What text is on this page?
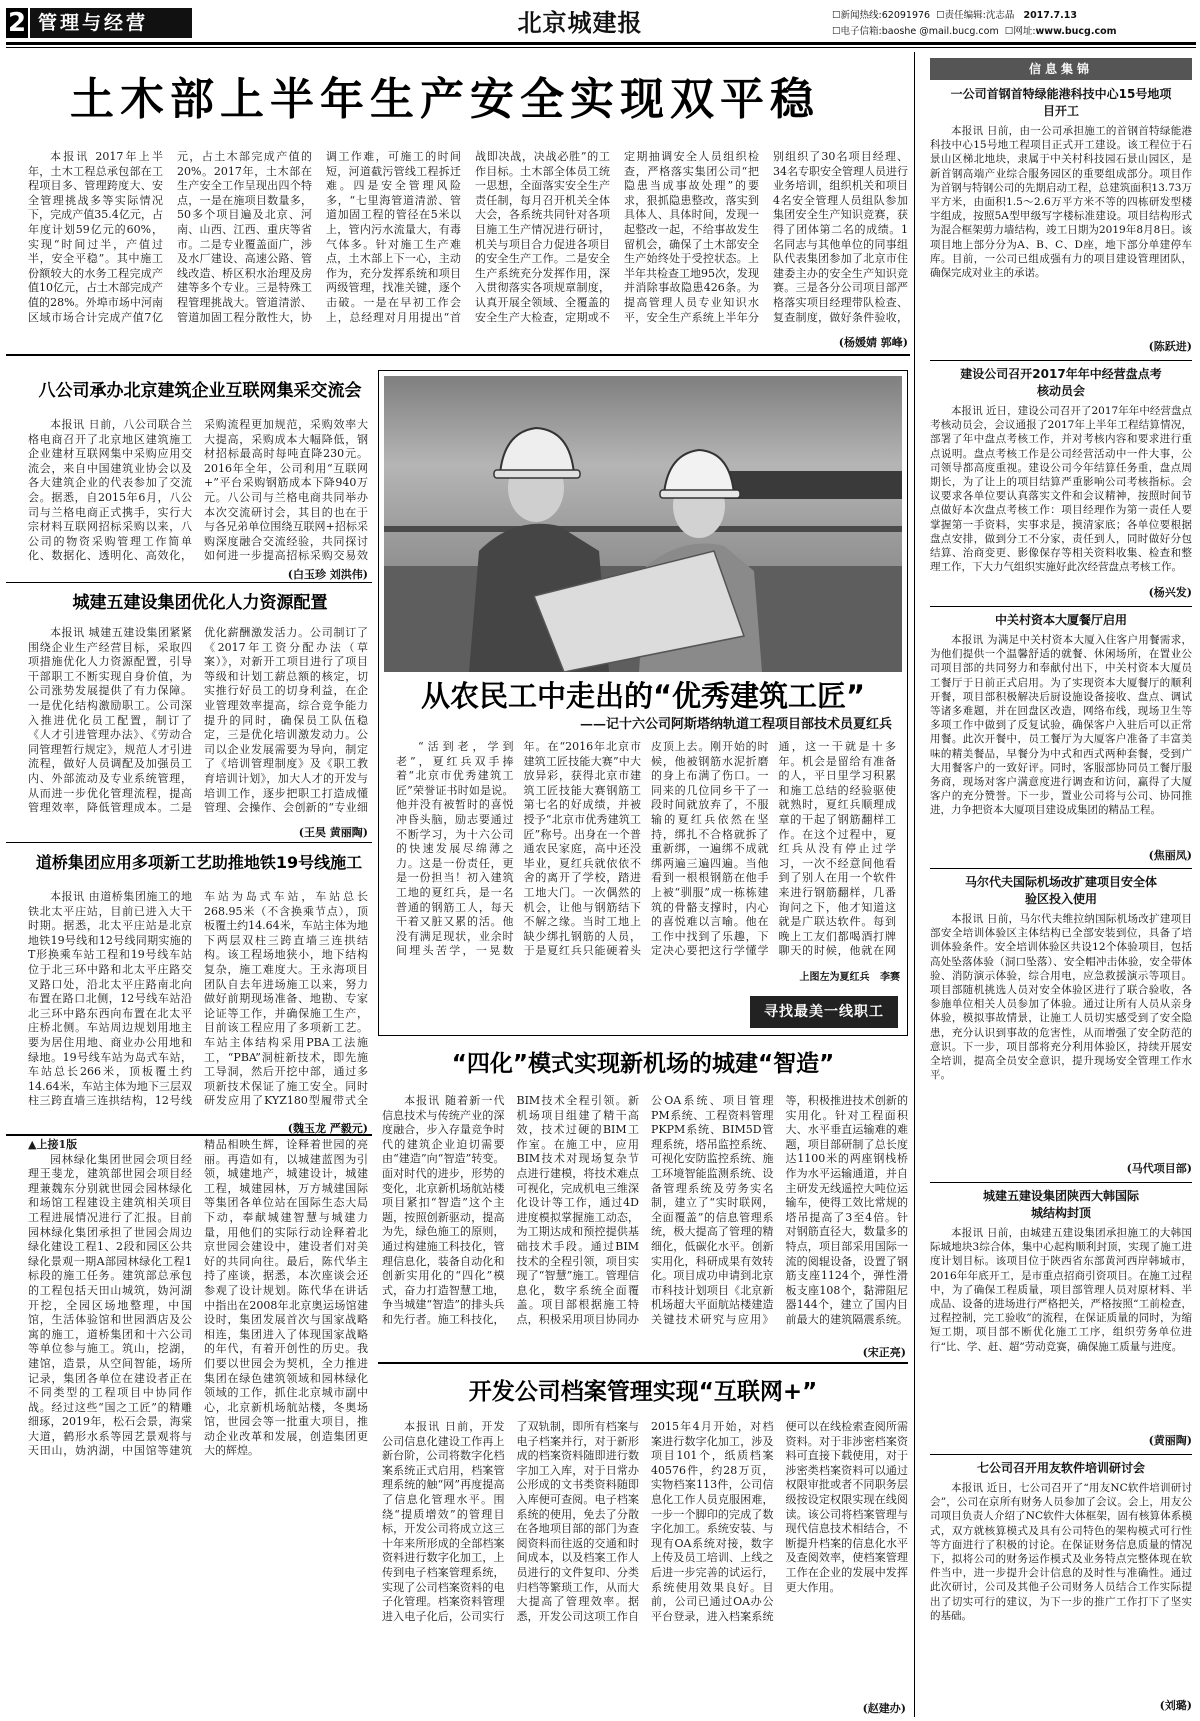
2 管理与经营	北京城建报	☐新闻热线:62091976 ☐责任编辑:沈志晶 2017.7.13
☐电子信箱:baoshe @mail.bucg.com ☐网址:www.bucg.com
信息集锦
一公司首钢首特绿能港科技中心15号地项目开工

本报讯 日前，由一公司承担施工的首钢首特绿能港科技中心15号地工程项目正式开工建设。该工程位于石景山区梯北地块，隶属于中关村科技园石景山园区，是新首钢高端产业综合服务园区的重要组成部分。项目作为首钢与特钢公司的先期启动工程，总建筑面积13.73万平方米，由面积1.5～2.6万平方米不等的四栋研发型楼宇组成，按照5A型甲级写字楼标准建设。项目结构形式为混合框架剪力墙结构，竣工日期为2019年8月8日。该项目地上部分分为A、B、C、D座，地下部分单建停车库。目前，一公司已组成强有力的项目建设管理团队，确保完成对业主的承诺。

(陈跃进)
建设公司召开2017年年中经营盘点考核动员会

本报讯 近日，建设公司召开了2017年年中经营盘点考核动员会，会议通报了2017年上半年工程结算情况，部署了年中盘点考核工作，并对考核内容和要求进行重点说明。盘点考核工作是公司经营活动中一件大事，公司领导都高度重视。建设公司今年结算任务重，盘点周期长，为了让上的项目结算严重影响公司考核指标。会议要求各单位要认真落实文件和会议精神，按照时间节点做好本次盘点考核工作：项目经理作为第一责任人要掌握第一手资料，实事求是，摸清家底；各单位要根据盘点安排，做到分工不分家，责任到人，同时做好分包结算、治商变更、影像保存等相关资料收集、检查和整理工作，下大力气组织实施好此次经营盘点考核工作。

(杨兴发)
中关村资本大厦餐厅启用

本报讯 为满足中关村资本大厦入住客户用餐需求，为他们提供一个温馨舒适的就餐、休闲场所，在置业公司项目部的共同努力和奉献付出下，中关村资本大厦员工餐厅于日前正式启用。为了实现资本大厦餐厅的顺利开餐，项目部积极解决后厨设施设备接收、盘点、调试等诸多难题，并在回盘区改造，网络布线，现场卫生等多项工作中做到了反复试验，确保客户入驻后可以正常用餐。此次开餐中，员工餐厅为大厦客户准备了丰富美味的精美餐品，早餐分为中式和西式两种套餐，受到广大用餐客户的一致好评。同时，客服部协同员工餐厅服务商，现场对客户满意度进行调查和访问，赢得了大厦客户的充分赞誉。下一步，置业公司将与公司、协同推进，力争把资本大厦项目建设成集团的精品工程。

(焦丽凤)
马尔代夫国际机场改扩建项目安全体验区投入使用

本报讯 日前，马尔代夫维拉纳国际机场改扩建项目部安全培训体验区主体结构已全部安装到位，具备了培训体验条件。安全培训体验区共设12个体验项目，包括高处坠落体验（洞口坠落）、安全帽冲击体验，安全带体验、消防演示体验，综合用电，应急救援演示等项目。项目部随机挑选人员对安全体验区进行了联合验收，各参施单位相关人员参加了体验。通过让所有人员从亲身体验，模拟事故情景，让施工人员切实感受到了安全隐患，充分认识到事故的危害性，从而增强了安全防范的意识。下一步，项目部将充分利用体验区，持续开展安全培训，提高全员安全意识，提升现场安全管理工作水平。

(马代项目部)
城建五建设集团陕西大韩国际城结构封顶

本报讯 日前，由城建五建设集团承担施工的大韩国际城地块3综合体，集中心起构顺利封顶，实现了施工进度计划目标。该项目位于陕西省东部黄河西岸韩城市，2016年年底开工，是市重点招商引资项目。在施工过程中，为了确保工程质量，项目部管理人员对原材料、半成品、设备的进场进行严格把关，严格按照“工前检查，过程控制，完工验收”的流程，在保证质量的同时，为缩短工期，项目部不断优化施工工序，组织劳务单位进行“比、学、赶、超”劳动竞赛，确保施工质量与进度。

(黄丽陶)
七公司召开用友软件培训研讨会

本报讯 近日，七公司召开了“用友NC软件培训研讨会”，公司在京所有财务人员参加了会议。会上，用友公司项目负责人介绍了NC软件大体框架，固有核算体系模式，双方就核算模式及具有公司特色的架构模式可行性等方面进行了积极的讨论。在保证财务信息质量的情况下，拟将公司的财务运作模式及业务特点完整体现在软件当中，进一步提升会计信息的及时性与准确性。通过此次研讨，公司及其他子公司财务人员结合工作实际提出了切实可行的建议，为下一步的推广工作打下了坚实的基础。

(刘璐)
土木部上半年生产安全实现双平稳

本报讯 2017年上半年，土木工程总承包部在工程项目多、管理跨度大、安全管理挑战多等实际情况下，完成产值35.4亿元，占年度计划59亿元的60%，实现“时间过半，产值过半，安全平稳”。其中施工份额较大的水务工程完成产值10亿元，占土木部完成产值的28%。外埠市场中河南区域市场合计完成产值7亿元，占土木部完成产值的20%。2017年，土木部在生产安全工作呈现出四个特点，一是在施项目数量多，50多个项目遍及北京、河南、山西、江西、重庆等省市。二是专业覆盖面广，涉及水厂建设、高速公路、管线改造、桥区积水治理及房建等多个专业。三是特殊工程管理挑战大。管道清淤、管道加固工程分散性大，协调工作难，可施工的时间短，河道截污管线工程拆迁难。四是安全管理风险多，“七里海管道清淤、管道加固工程的管径在5米以上，管内污水流量大，有毒气体多。针对施工生产难点，土木部上下一心，主动作为，充分发挥系统和项目两级管理，找准关键，逐个击破。一是在早初工作会上，总经理对月用提出“首战即决战，决战必胜”的工作目标。土木部全体员工统一思想，全面落实安全生产责任制，每月召开机关全体大会，各系统共同针对各项目施工生产情况进行研讨，机关与项目合力促进各项目的安全生产工作。二是安全生产系统充分发挥作用，深入贯彻落实各项规章制度，认真开展全领域、全覆盖的安全生产大检查，定期或不定期抽调安全人员组织检查，严格落实集团公司“把隐患当成事故处理”的要求，狠抓隐患整改，落实到具体人、具体时间，发现一起整改一起，不给事故发生留机会，确保了土木部安全生产始终处于受控状态。上半年共检查工地95次，发现并消除事故隐患426条。为提高管理人员专业知识水平，安全生产系统上半年分别组织了30名项目经理、34名专职安全管理人员进行业务培训，组织机关和项目4名安全管理人员组队参加集团安全生产知识竞赛，获得了团体第二名的成绩。1名同志与其他单位的同事组队代表集团参加了北京市住建委主办的安全生产知识竞赛。三是各分公司项目部严格落实项目经理带队检查、复查制度，做好条件验收，

(杨媛婧 郭峰)
八公司承办北京建筑企业互联网集采交流会

本报讯 日前，八公司联合兰格电商召开了北京地区建筑施工企业建材互联网集中采购应用交流会，来自中国建筑业协会以及各大建筑企业的代表参加了交流会。据悉，自2015年6月，八公司与兰格电商正式携手，实行大宗材料互联网招标采购以来，八公司的物资采购管理工作简单化、数据化、透明化、高效化，采购流程更加规范，采购效率大大提高，采购成本大幅降低，钢材招标最高时每吨直降230元。2016年全年，公司利用“互联网+”平台采购钢筋成本下降940万元。八公司与兰格电商共同举办本次交流研讨会，其目的也在于与各兄弟单位围绕互联网+招标采购深度融合交流经验，共同探讨如何进一步提高招标采购交易效

(白玉珍 刘洪伟)
城建五建设集团优化人力资源配置

本报讯 城建五建设集团紧紧围绕企业生产经营目标，采取四项措施优化人力资源配置，引导干部职工不断实现自身价值，为公司涨势发展提供了有力保障。一是优化结构激励职工。公司深入推进优化员工配置，制订了《人才引进管理办法》、《劳动合同管理暂行规定》，规范人才引进流程，做好人员调配及加强员工内、外部流动及专业系统管理，从而进一步优化管理流程，提高管理效率，降低管理成本。二是优化薪酬激发活力。公司制订了《2017年工资分配办法（草案）》，对新开工项目进行了项目等级和计划工薪总额的核定，切实推行好员工的切身利益，在企业管理效率提高，综合竞争能力提升的同时，确保员工队伍稳定，三是优化培训激发动力。公司以企业发展需要为导向，制定了《培训管理制度》及《职工教育培训计划》，加大人才的开发与培训工作，逐步把职工打造成懂管理、会操作、会创新的“专业细

(王昊 黄丽陶)
道桥集团应用多项新工艺助推地铁19号线施工

本报讯 由道桥集团施工的地铁北太平庄站，目前已进入大干时期。据悉，北太平庄站是北京地铁19号线和12号线同期实施的T形换乘车站工程和19号线车站位于北三环中路和北太平庄路交叉路口处，沿北太平庄路南北向布置在路口北侧，12号线车站沿北三环中路东西向布置在北太平庄桥北侧。车站周边规划用地主要为居住用地、商业办公用地和绿地。19号线车站为岛式车站，车站总长266米，顶板覆土约14.64米，车站主体为地下三层双柱三跨直墙三连拱结构，12号线车站为岛式车站，车站总长268.95米（不含换乘节点），顶板覆土约14.64米，车站主体为地下两层双柱三跨直墙三连拱结构。该工程场地狭小，地下结构复杂，施工难度大。王永海项目团队自去年进场施工以来，努力做好前期现场准备、地勘、专家论证等工作，并确保施工生产，目前该工程应用了多项新工艺。车站主体结构采用PBA工法施工，“PBA”洞桩新技术，即先施工导洞，然后开挖中部，通过多项新技术保证了施工安全。同时研发应用了KYZ180型履带式全

(魏玉龙 严毅元)
▲上接1版

园林绿化集团世园会项目经理王斐龙，建筑部世园会项目经理兼魏东分别就世园会园林绿化和场馆工程建设主建筑相关项目工程进展情况进行了汇报。目前园林绿化集团承担了世园会周边绿化建设工程1、2段和园区公共绿化景观一期A部园林绿化工程1标段的施工任务。建筑部总承包的工程包括天田山城筑，妫河湖开挖，全园区场地整理，中国馆，生活体验馆和世园酒店及公寓的施工，道桥集团和十六公司等单位参与施工。筑山，挖湖，建馆，造景，从空间智能，场所记录，集团各单位在建设者正在不同类型的工程项目中协同作战。经过这些“国之工匠”的精雕细琢，2019年，松石会景，海棠大道，鹤形水系等园艺景观将与天田山，妫汭湖，中国馆等建筑精品相映生辉，诠释着世园的亮丽。再造如有，以城建蓝图为引领，城建地产，城建设计，城建工程，城建园林，万方城建国际等集团各单位站在国际生态大局下动，奉献城建智慧与城建力量，用他们的实际行动诠释着北京世园会建设中，建设者们对美好的共同向往。最后，陈代华主持了座谈，据悉，本次座谈会还参观了设计规划。陈代华在讲话中指出在2008年北京奥运场馆建设时，集团发展首次与国家战略相连，集团进入了体现国家战略的年代，有着开创性的历史。我们要以世园会为契机，全力推进集团在绿色建筑领域和园林绿化领域的工作，抓住北京城市副中心，北京新机场航站楼，冬奥场馆，世园会等一批重大项目，推动企业改革和发展，创造集团更大的辉煌。

从农民工中走出的“优秀建筑工匠”
——记十六公司阿斯塔纳轨道工程项目部技术员夏红兵

“活到老，学到老”，夏红兵双手捧着“北京市优秀建筑工匠”荣誉证书时如是说。他并没有被暂时的喜悦冲昏头脑，励志要通过不断学习，为十六公司的快速发展尽绵薄之力。这是一份责任，更是一份担当！初入建筑工地的夏红兵，是一名普通的钢筋工人，每天干着又脏又累的活。他没有满足现状，业余时间埋头苦学，一晃数年。在“2016年北京市建筑工匠技能大赛”中大放异彩，获得北京市建筑工匠技能大赛钢筋工第七名的好成绩，并被授予“北京市优秀建筑工匠”称号。出身在一个普通农民家庭，高中还没毕业，夏红兵就依依不舍的离开了学校，踏进工地大门。一次偶然的机会，让他与钢筋结下不解之缘。当时工地上缺少绑扎钢筋的人员，于是夏红兵只能硬着头皮顶上去。刚开始的时候，他被钢筋水泥折磨的身上布满了伤口。一同来的几位同乡干了一段时间就放弃了，不服输的夏红兵依然在坚持，绑扎不合格就拆了重新绑，一遍绑不成就绑两遍三遍四遍。当他看到一根根钢筋在他手上被“驯服”成一栋栋建筑的骨骼支撑时，内心的喜悦难以言喻。他在工作中找到了乐趣，下定决心要把这行学懂学通，这一干就是十多年。机会是留给有准备的人，平日里学习积累和施工总结的经验驱使就熟时，夏红兵顺理成章的干起了钢筋翻样工作。在这个过程中，夏红兵从没有停止过学习，一次不经意间他看到了别人在用一个软件来进行钢筋翻样，几番询问之下，他才知道这就是广联达软件。每到晚上工友们都喝酒打牌聊天的时候，他就在网

上图左为夏红兵 李赛
寻找最美一线职工
“四化”模式实现新机场的城建“智造”

本报讯 随着新一代信息技术与传统产业的深度融合，步入存量竞争时代的建筑企业迫切需要由“建造”向“智造”转变。面对时代的进步，形势的变化，北京新机场航站楼项目紧扣“智造”这个主题，按照创新驱动，提高为先，绿色施工的原则，通过构建施工科技化，管理信息化，装备自动化和创新实用化的“四化”模式，奋力打造智慧工地，争当城建“智造”的排头兵和先行者。施工科技化，BIM技术全程引领。新机场项目组建了精干高效，技术过硬的BIM工作室。在施工中，应用BIM技术对现场复杂节点进行建模，将技术难点可视化，完成机电三维深化设计等工作，通过4D进度模拟掌握施工动态，为工期达成和预控提供基础技术手段。通过BIM技术的全程引领，项目实现了“智慧”施工。管理信息化，数字系统全面覆盖。项目部根据施工特点，积极采用项目协同办公OA系统、项目管理PM系统、工程资料管理PKPM系统、BIM5D管理系统，塔吊监控系统、可视化安防监控系统、施工环境智能监测系统、设备管理系统及劳务实名制，建立了“实时联网，全面覆盖”的信息管理系统，极大提高了管理的精细化，低碳化水平。创新实用化，科研成果有效转化。项目成功申请到北京市科技计划项目《北京新机场超大平面航站楼建造关键技术研究与应用》等，积极推进技术创新的实用化。针对工程面积大、水平垂直运输难的难题，项目部研制了总长度达1100米的两座钢栈桥作为水平运输通道，并自主研发无线遥控大吨位运输车，使得工效比常规的塔吊提高了3至4倍。针对钢筋直径大，数量多的特点，项目部采用国际一流的阅辊设备，设置了钢筋支座1124个，弹性滑板支座108个，黏滞阻尼器144个，建立了国内目前最大的建筑隔震系统。

(宋正亮)
开发公司档案管理实现“互联网+”

本报讯 日前，开发公司信息化建设工作再上新台阶，公司将数字化档案系统正式启用，档案管理系统的触“网”再度提高了信息化管理水平。围绕“提质增效”的管理目标，开发公司将成立这三十年来所形成的全部档案资料进行数字化加工，上传到电子档案管理系统，实现了公司档案资料的电子化管理。档案资料管理进入电子化后，公司实行了双轨制，即所有档案与电子档案并行，对于新形成的档案资料随即进行数字加工入库，对于日常办公形成的文书类资料随即入库便可查阅。电子档案系统的使用，免去了分散在各地项目部的部门为查阅资料而往返的交通和时间成本，以及档案工作人员进行的文件复印、分类归档等繁琐工作，从而大大提高了管理效率。据悉，开发公司这项工作自2015年4月开始，对档案进行数字化加工，涉及项目101个，纸质档案40576件，约28万页，实物档案113件，公司信息化工作人员克服困难，一步一个脚印的完成了数字化加工。系统安装、与现有OA系统对接，数字上传及员工培训、上线之后进一步完善的试运行，系统使用效果良好。目前，公司已通过OA办公平台登录，进入档案系统便可以在线检索查阅所需资料。对于非涉密档案资料可直接下载使用，对于涉密类档案资料可以通过权限审批或者不同职务层级按设定权限实现在线阅读。该公司将档案管理与现代信息技术相结合，不断提升档案的信息化水平及查阅效率，使档案管理工作在企业的发展中发挥更大作用。

(赵建办)
